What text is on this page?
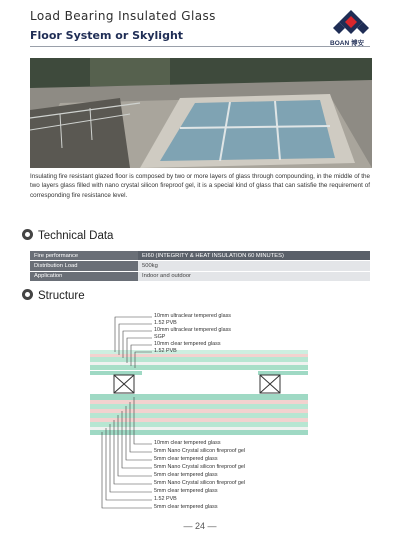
Load Bearing Insulated Glass
Floor System or Skylight
BOAN 博安
Insulating fire resistant glazed floor is composed by two or more layers of glass through compounding, in the middle of the two layers glass filled with nano crystal silicon fireproof gel, it is a special kind of glass that can satisfie the requirement of corresponding fire resistance level.
Technical Data
Fire performance	EI60 (INTEGRITY & HEAT INSULATION 60 MINUTES)
Distribution Load	500kg
Application	Indoor and outdoor
Structure
10mm ultraclear tempered glass
1.52 PVB
10mm ultraclear tempered glass
SGP
10mm clear tempered glass
1.52 PVB
10mm clear tempered glass
5mm Nano Crystal silicon fireproof gel
5mm clear tempered glass
5mm Nano Crystal silicon fireproof gel
5mm clear tempered glass
5mm Nano Crystal silicon fireproof gel
5mm clear tempered glass
1.52 PVB
5mm clear tempered glass
— 24 —
